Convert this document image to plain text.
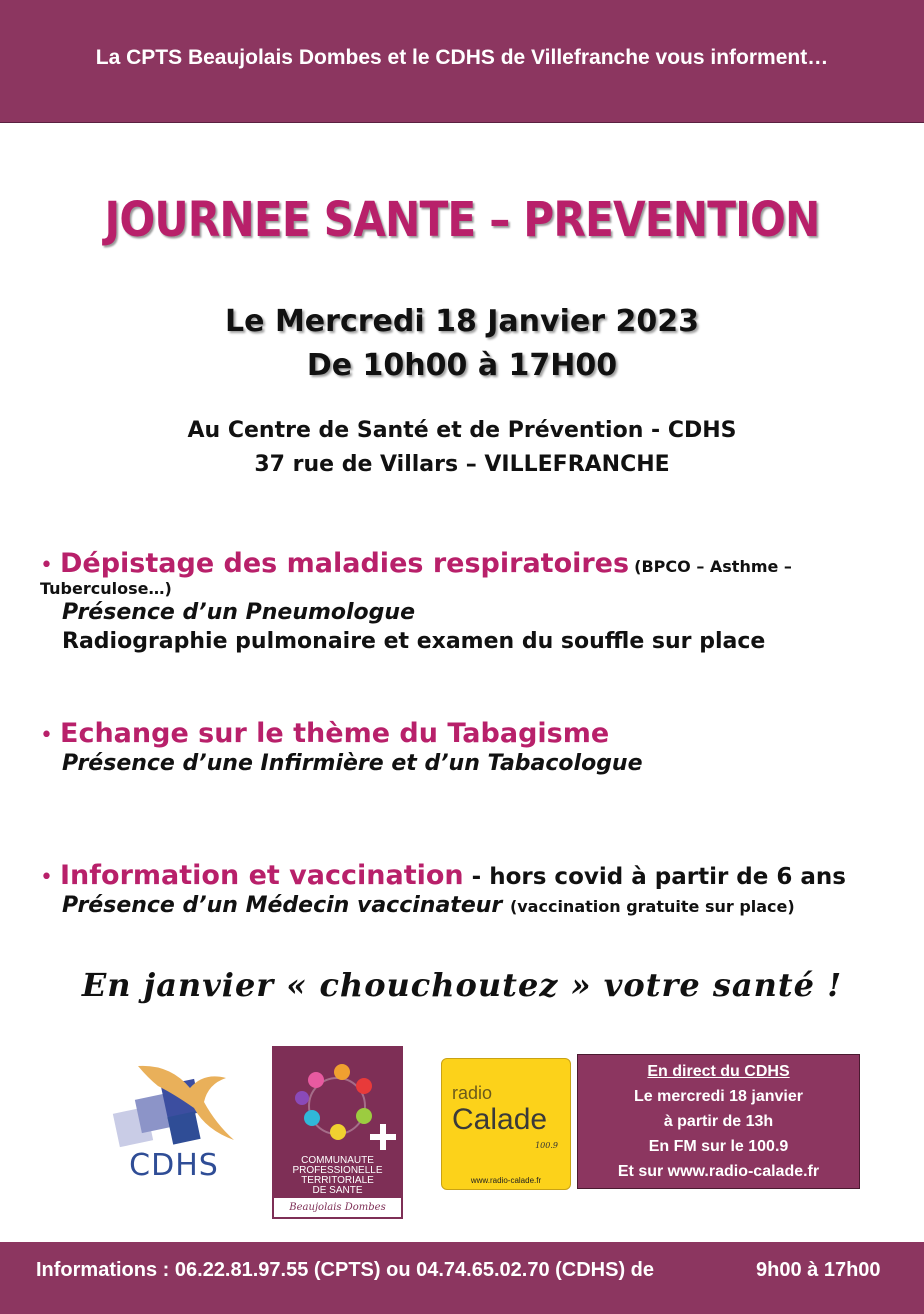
La CPTS Beaujolais Dombes et le CDHS de Villefranche vous informent…
JOURNEE SANTE – PREVENTION
Le Mercredi 18 Janvier 2023
De 10h00 à 17H00
Au Centre de Santé et de Prévention - CDHS
37 rue de Villars – VILLEFRANCHE
• Dépistage des maladies respiratoires (BPCO – Asthme – Tuberculose…)
Présence d’un Pneumologue
Radiographie pulmonaire et examen du souffle sur place
• Echange sur le thème du Tabagisme
Présence d’une Infirmière et d’un Tabacologue
• Information et vaccination - hors covid à partir de 6 ans
Présence d’un Médecin vaccinateur (vaccination gratuite sur place)
En janvier « chouchoutez » votre santé !
CDHS	COMMUNAUTE
PROFESSIONELLE
TERRITORIALE
DE SANTE
Beaujolais Dombes
radio
Calade
100.9
www.radio-calade.fr
En direct du CDHS
Le mercredi 18 janvier
à partir de 13h
En FM sur le 100.9
Et sur www.radio-calade.fr
Informations : 06.22.81.97.55 (CPTS) ou 04.74.65.02.70 (CDHS) de	9h00 à 17h00
